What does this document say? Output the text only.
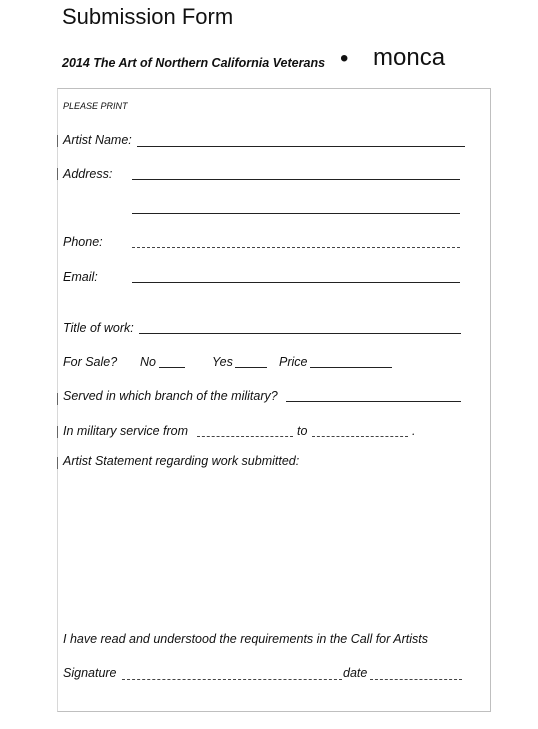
Submission Form
2014 The Art of Northern California Veterans • monca
PLEASE PRINT
Artist Name:
Address:
Phone:
Email:
Title of work:
For Sale? No	Yes	Price
Served in which branch of the military?
In military service from	to	.
Artist Statement regarding work submitted:
I have read and understood the requirements in the Call for Artists
Signature	date
